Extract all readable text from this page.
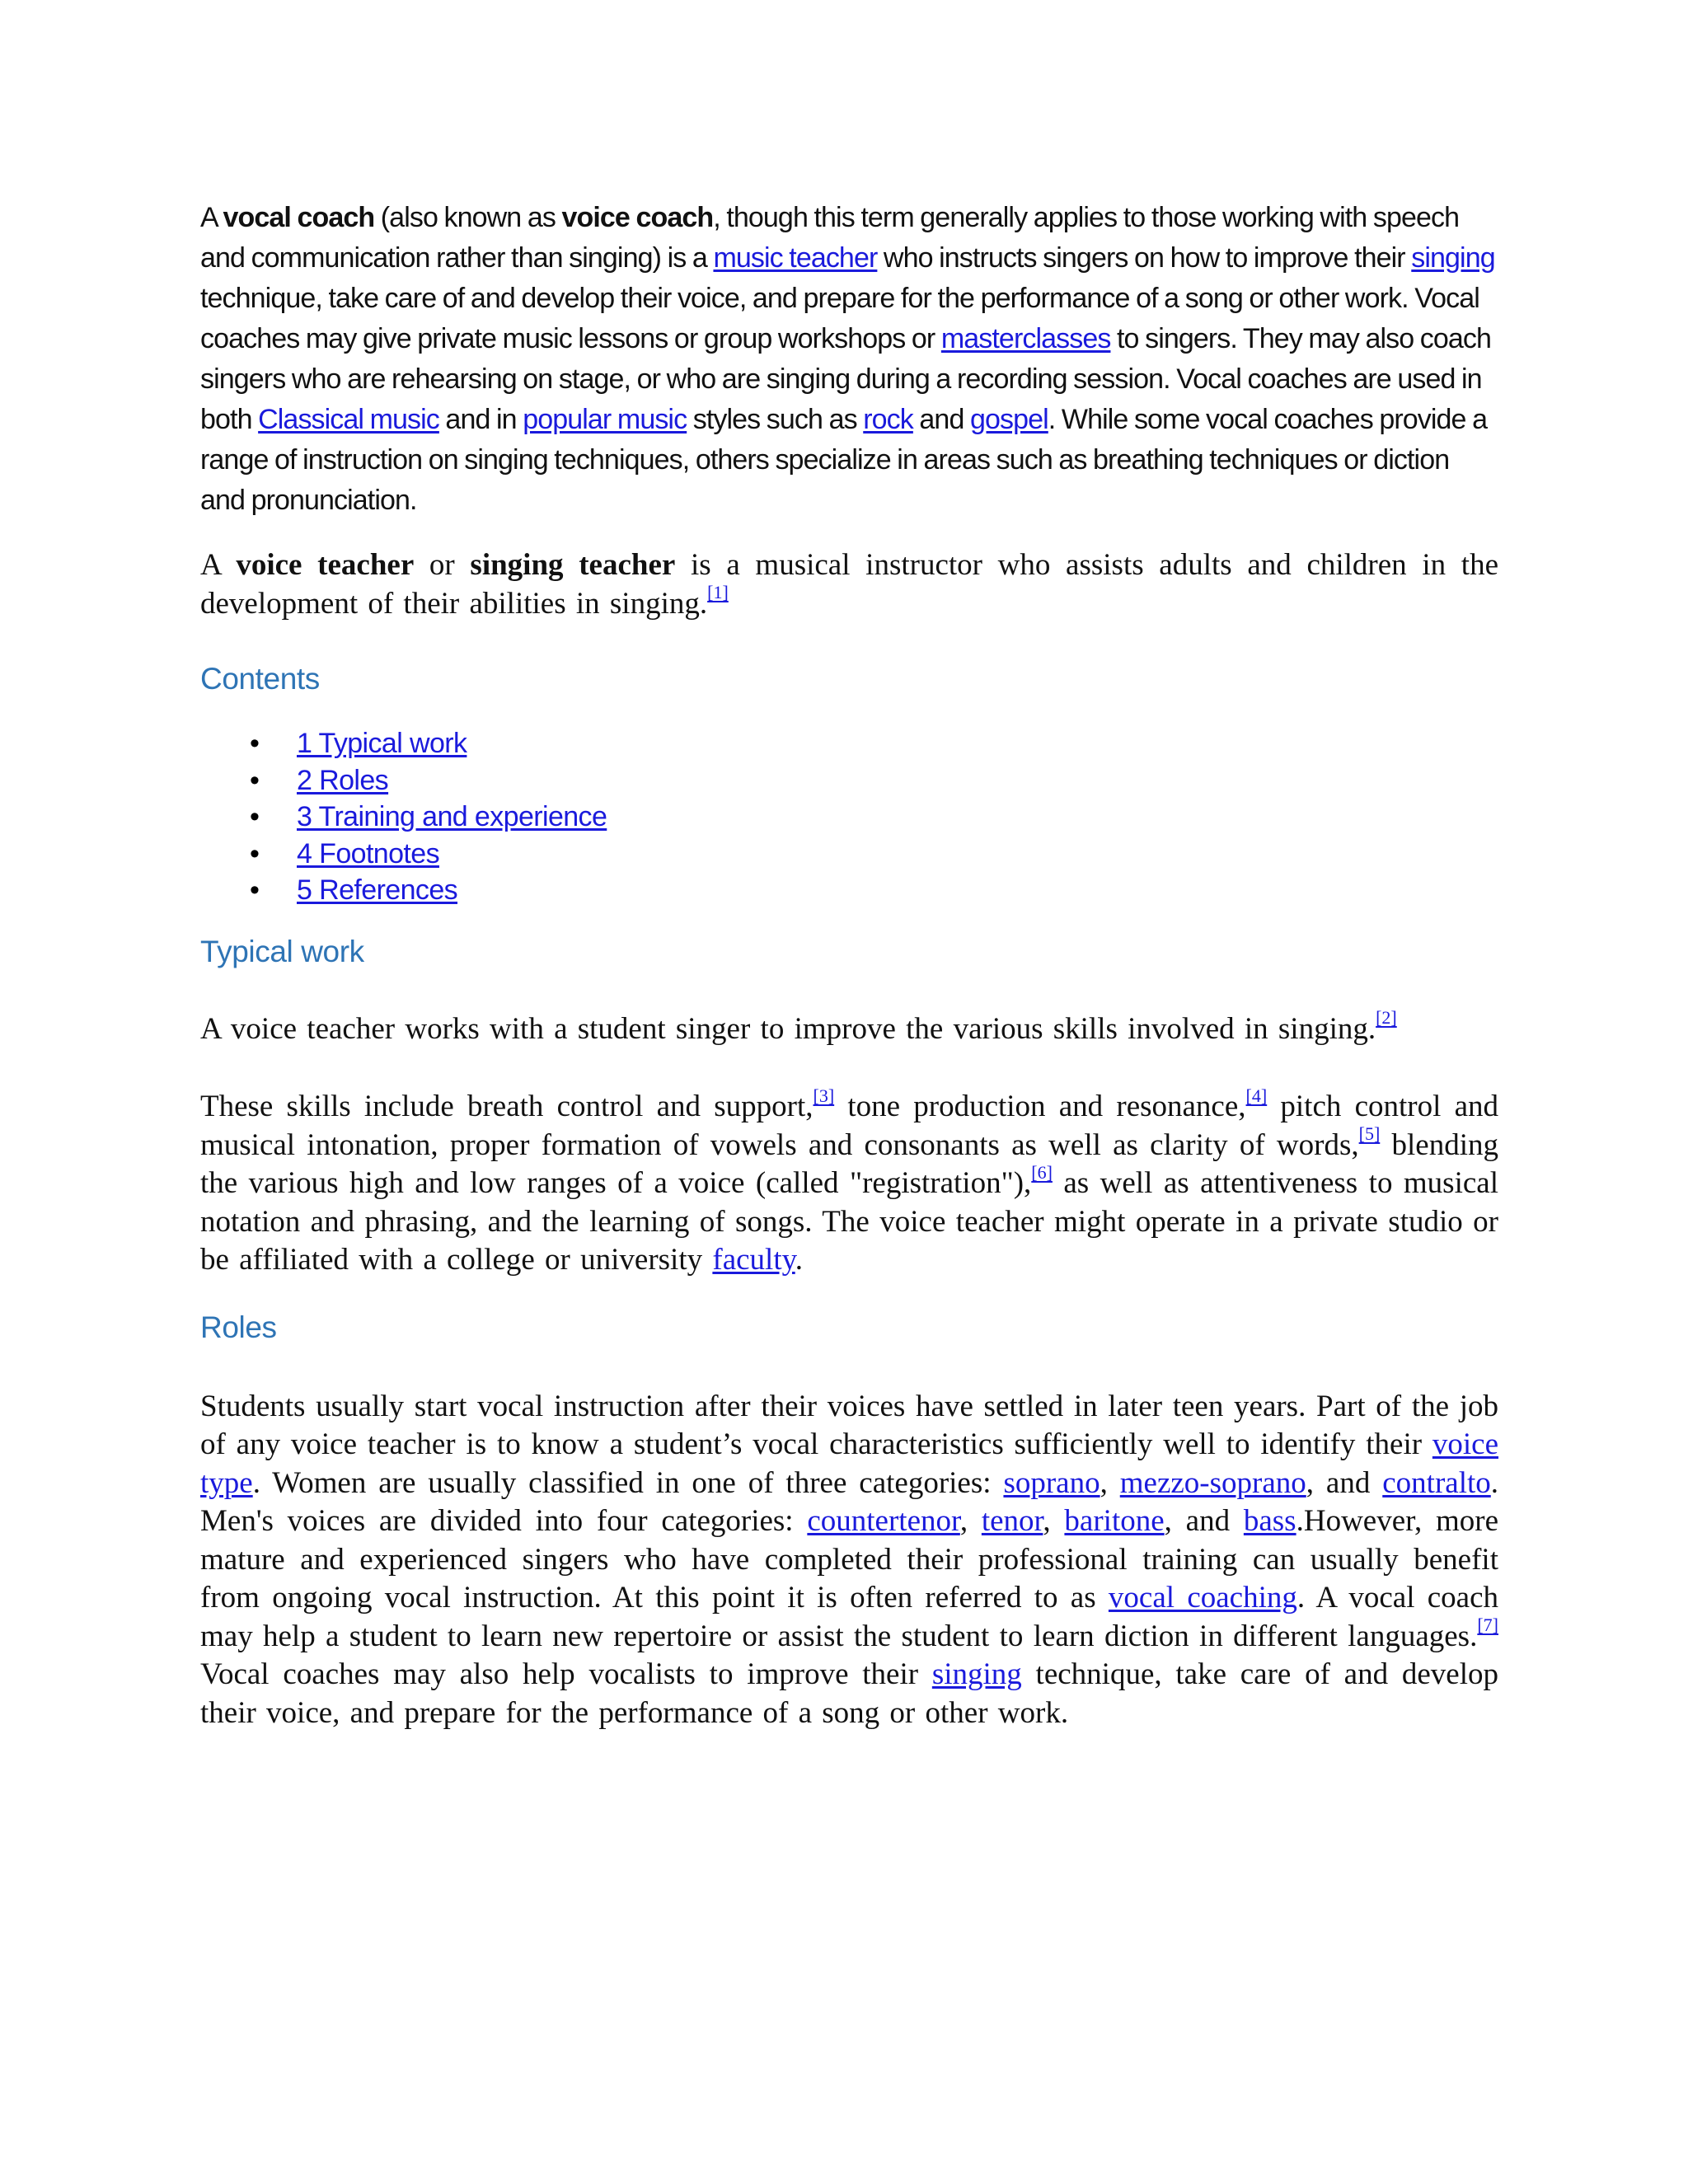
A vocal coach (also known as voice coach, though this term generally applies to those working with speech and communication rather than singing) is a music teacher who instructs singers on how to improve their singing technique, take care of and develop their voice, and prepare for the performance of a song or other work. Vocal coaches may give private music lessons or group workshops or masterclasses to singers. They may also coach singers who are rehearsing on stage, or who are singing during a recording session. Vocal coaches are used in both Classical music and in popular music styles such as rock and gospel. While some vocal coaches provide a range of instruction on singing techniques, others specialize in areas such as breathing techniques or diction and pronunciation.

A voice teacher or singing teacher is a musical instructor who assists adults and children in the development of their abilities in singing.[1]

Contents
• 1 Typical work
• 2 Roles
• 3 Training and experience
• 4 Footnotes
• 5 References
Typical work

A voice teacher works with a student singer to improve the various skills involved in singing.[2]

These skills include breath control and support,[3] tone production and resonance,[4] pitch control and musical intonation, proper formation of vowels and consonants as well as clarity of words,[5] blending the various high and low ranges of a voice (called "registration"),[6] as well as attentiveness to musical notation and phrasing, and the learning of songs. The voice teacher might operate in a private studio or be affiliated with a college or university faculty.

Roles

Students usually start vocal instruction after their voices have settled in later teen years. Part of the job of any voice teacher is to know a student’s vocal characteristics sufficiently well to identify their voice type. Women are usually classified in one of three categories: soprano, mezzo-soprano, and contralto. Men's voices are divided into four categories: countertenor, tenor, baritone, and bass.However, more mature and experienced singers who have completed their professional training can usually benefit from ongoing vocal instruction. At this point it is often referred to as vocal coaching. A vocal coach may help a student to learn new repertoire or assist the student to learn diction in different languages.[7] Vocal coaches may also help vocalists to improve their singing technique, take care of and develop their voice, and prepare for the performance of a song or other work.
